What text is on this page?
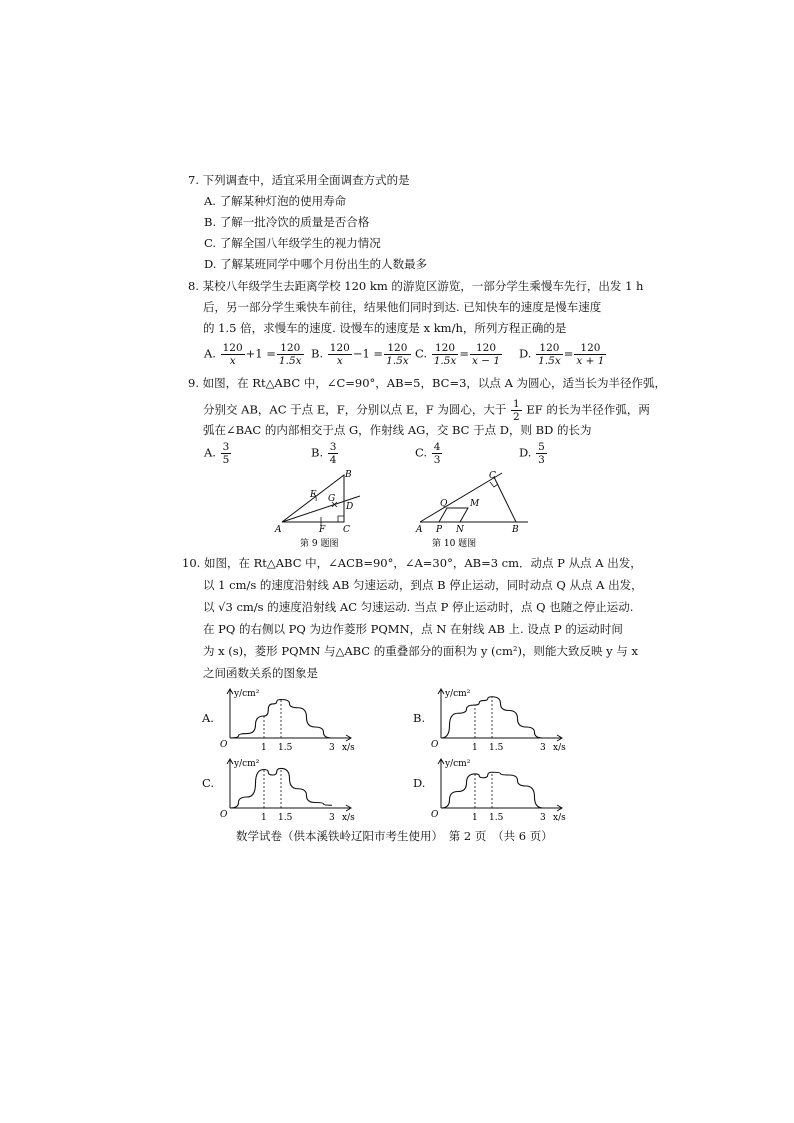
7. 下列调查中，适宜采用全面调查方式的是
A. 了解某种灯泡的使用寿命
B. 了解一批冷饮的质量是否合格
C. 了解全国八年级学生的视力情况
D. 了解某班同学中哪个月份出生的人数最多
8. 某校八年级学生去距离学校 120 km 的游览区游览，一部分学生乘慢车先行，出发 1 h
后，另一部分学生乘快车前往，结果他们同时到达. 已知快车的速度是慢车速度
的 1.5 倍，求慢车的速度. 设慢车的速度是 x km/h，所列方程正确的是
A. $\frac{120}{x} +1 = \frac{120}{1.5x} B$. $\frac{120}{x} -1 = \frac{120}{1.5x} C$. $\frac{120}{1.5x} = \frac{120}{x - 1} D$. $\frac{120}{1.5x} = \frac{120}{x + 1}$
9. 如图，在 Rt△ABC 中，∠C=90°，AB=5，BC=3，以点 A 为圆心，适当长为半径作弧，
分别交 AB，AC 于点 E，F，分别以点 E，F 为圆心，大于 $\frac{1}{2}$ EF 的长为半径作弧，两
弧在∠BAC 的内部相交于点 G，作射线 AG，交 BC 于点 D，则 BD 的长为
A. $\frac{3}{5}$	B. $\frac{3}{4}$	C. $\frac{4}{3}$	D. $\frac{5}{3}$
A
B
C
D
E
F
G
第 9 题图
A	B
C
P
Q	M
N
第 10 题图
10. 如图，在 Rt△ABC 中，∠ACB=90°，∠A=30°，AB=3 cm．动点 P 从点 A 出发，
以 1 cm/s 的速度沿射线 AB 匀速运动，到点 B 停止运动，同时动点 Q 从点 A 出发，
以 √3 cm/s 的速度沿射线 AC 匀速运动. 当点 P 停止运动时，点 Q 也随之停止运动.
在 PQ 的右侧以 PQ 为边作菱形 PQMN，点 N 在射线 AB 上. 设点 P 的运动时间
为 x (s)，菱形 PQMN 与△ABC 的重叠部分的面积为 y (cm²)，则能大致反映 y 与 x
之间函数关系的图象是
A.	B.
C.	D.
y/cm²
x/s
O	1 1.5	3
y/cm²
x/s
O	1 1.5	3
y/cm²
x/s
O	1 1.5	3
y/cm²
x/s
O	1 1.5	3
数学试卷（供本溪铁岭辽阳市考生使用）　第 2 页　（共 6 页）
